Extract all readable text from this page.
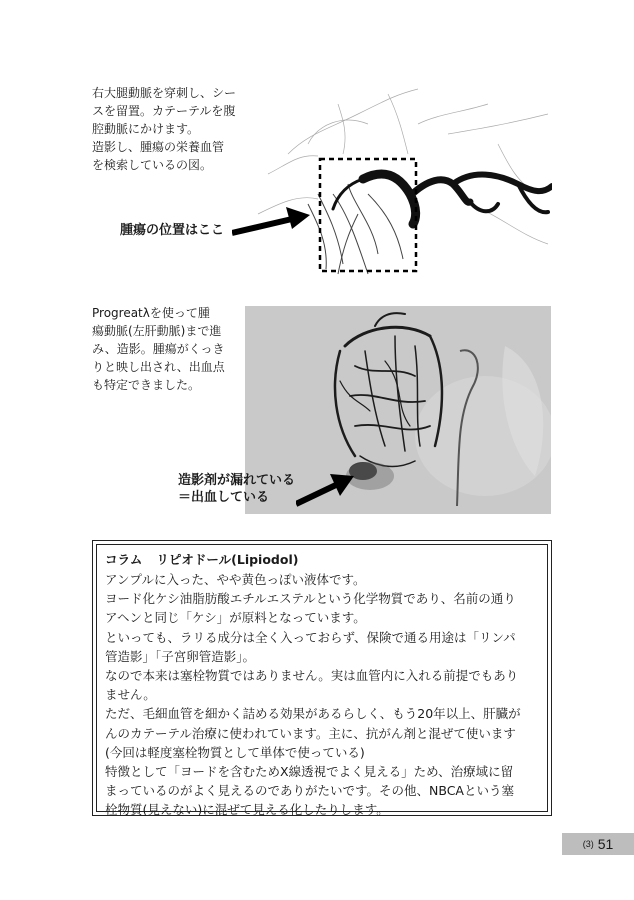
右大腿動脈を穿刺し、シー
スを留置。カテーテルを腹
腔動脈にかけます。
造影し、腫瘍の栄養血管
を検索しているの図。
腫瘍の位置はここ
Progreatλを使って腫
瘍動脈(左肝動脈)まで進
み、造影。腫瘍がくっき
りと映し出され、出血点
も特定できました。
造影剤が漏れている
＝出血している
コラム リピオドール(Lipiodol)
アンプルに入った、やや黄色っぽい液体です。
ヨード化ケシ油脂肪酸エチルエステルという化学物質であり、名前の通り
アヘンと同じ「ケシ」が原料となっています。
といっても、ラリる成分は全く入っておらず、保険で通る用途は「リンパ
管造影」「子宮卵管造影」。
なので本来は塞栓物質ではありません。実は血管内に入れる前提でもあり
ません。
ただ、毛細血管を細かく詰める効果があるらしく、もう20年以上、肝臓が
んのカテーテル治療に使われています。主に、抗がん剤と混ぜて使います
(今回は軽度塞栓物質として単体で使っている)
特徴として「ヨードを含むためX線透視でよく見える」ため、治療域に留
まっているのがよく見えるのでありがたいです。その他、NBCAという塞
栓物質(見えない)に混ぜて見える化したりします。
(3) 51
